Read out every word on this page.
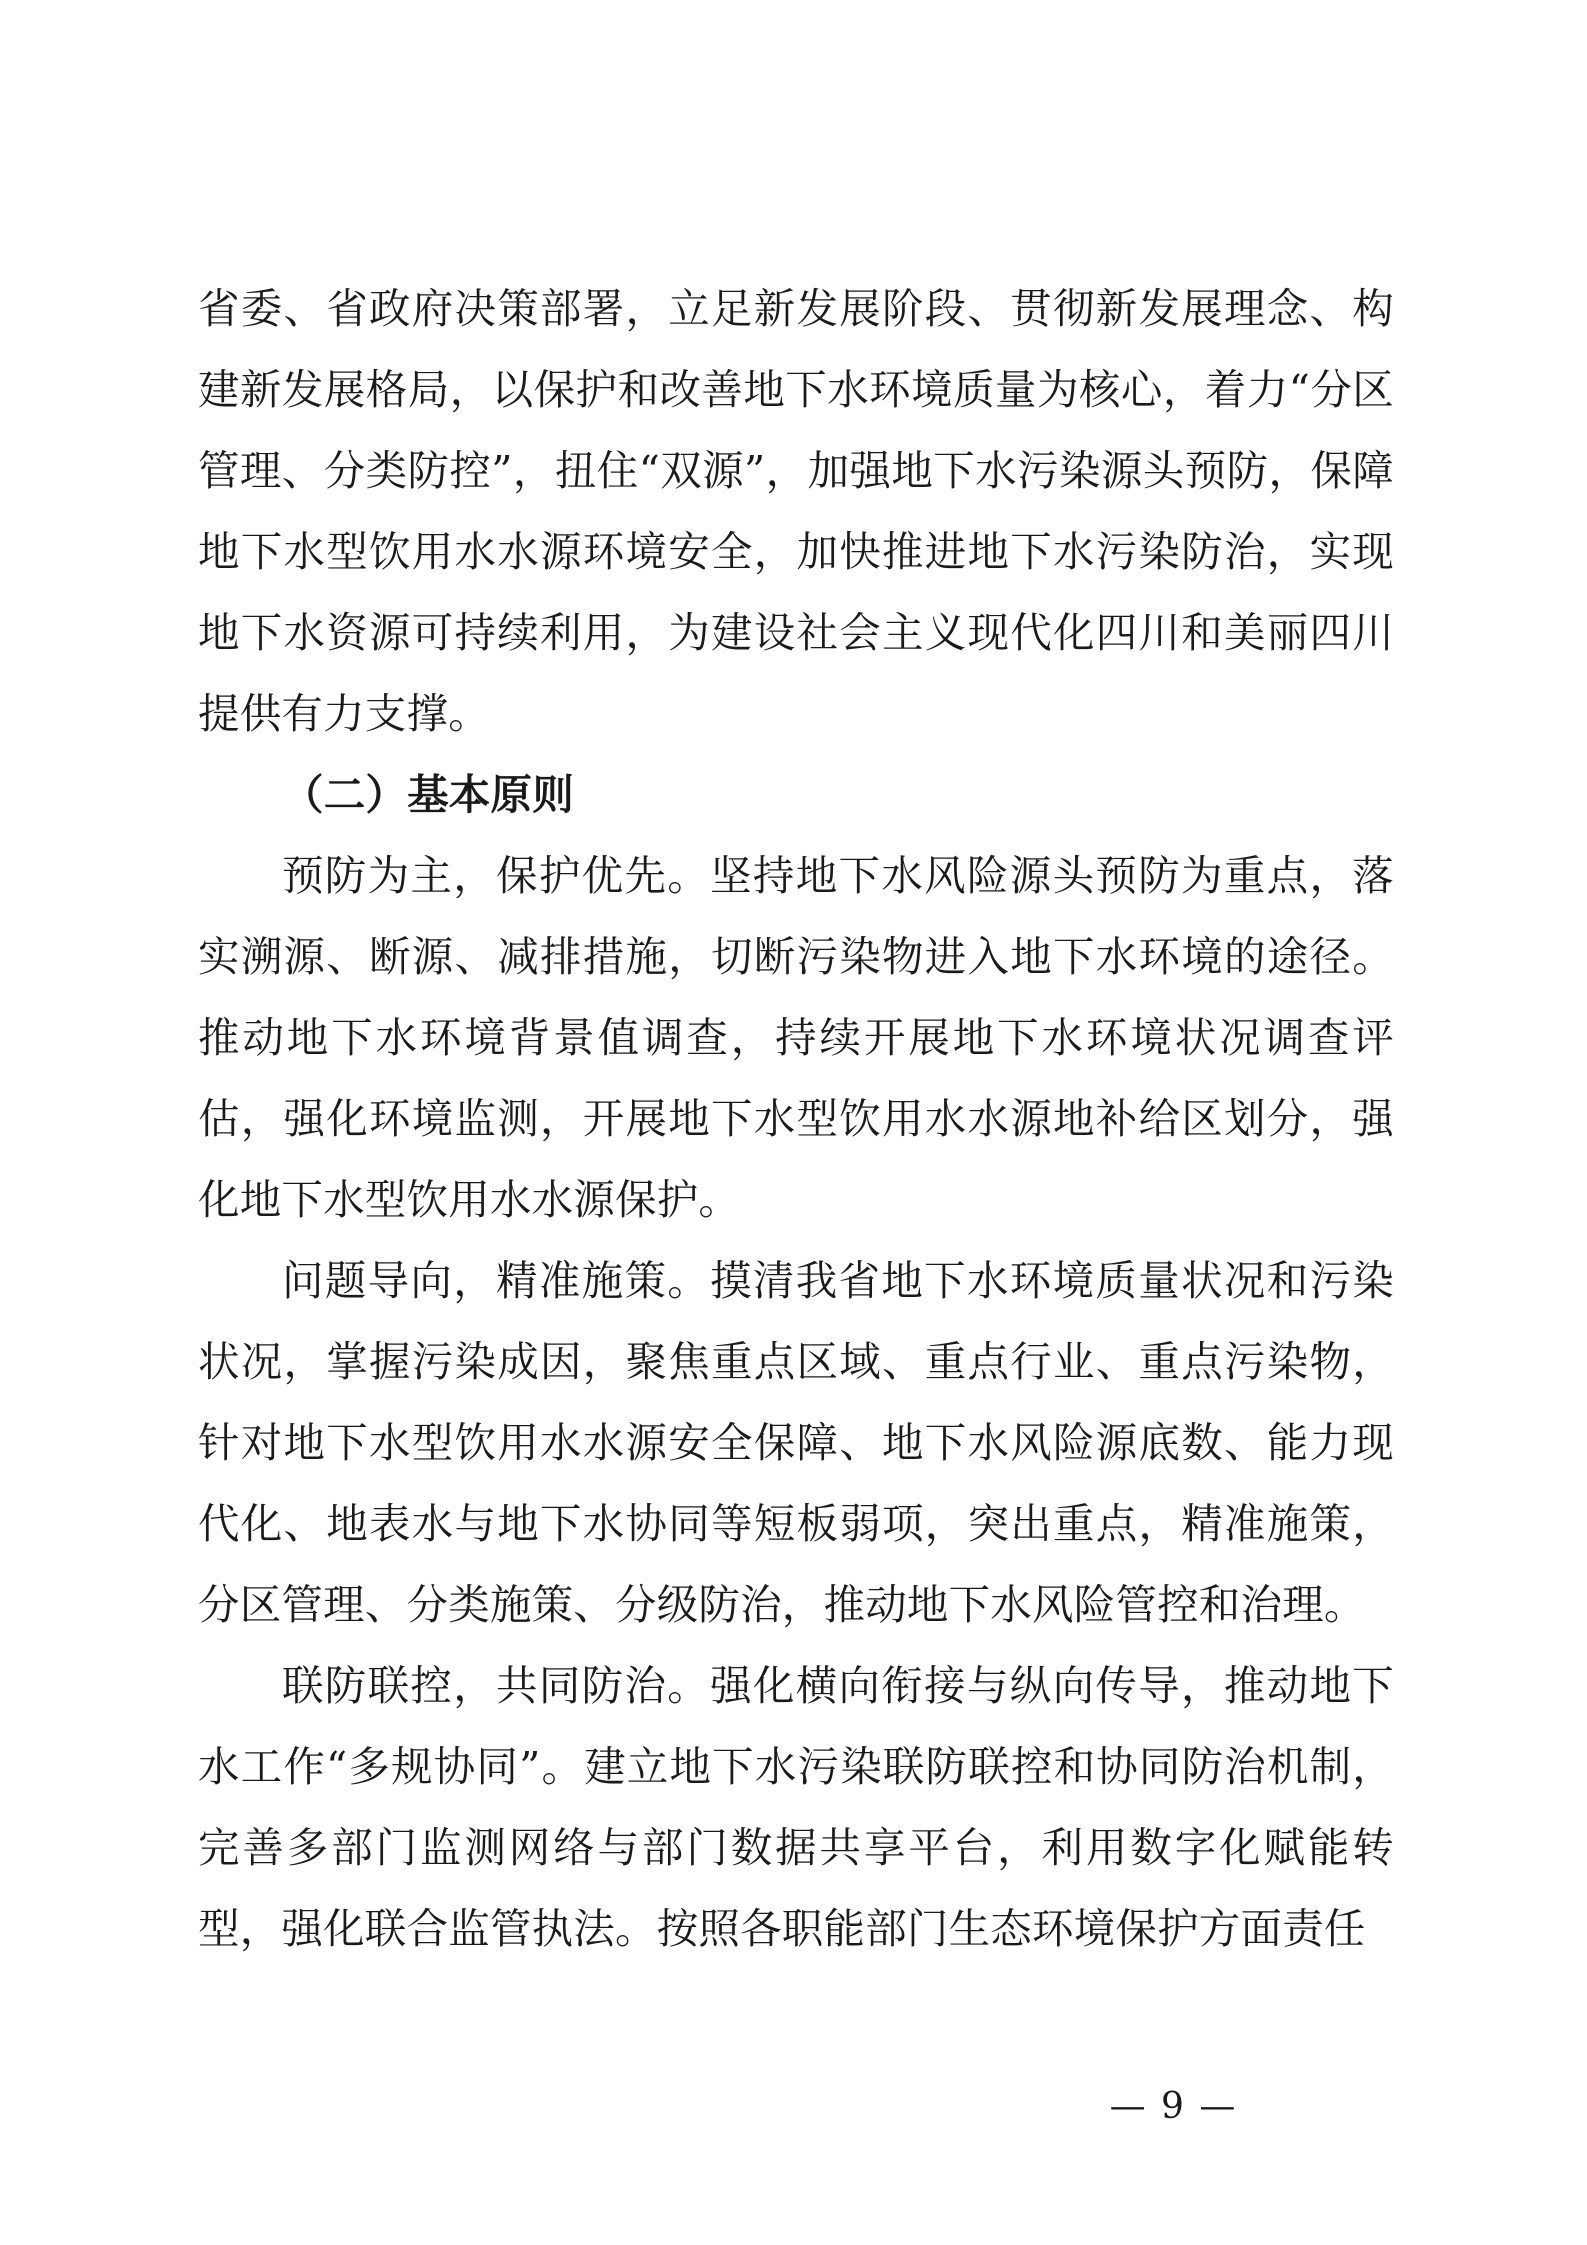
省委、省政府决策部署，立足新发展阶段、贯彻新发展理念、构建新发展格局，以保护和改善地下水环境质量为核心，着力“分区管理、分类防控”，扭住“双源”，加强地下水污染源头预防，保障地下水型饮用水水源环境安全，加快推进地下水污染防治，实现地下水资源可持续利用，为建设社会主义现代化四川和美丽四川提供有力支撑。

（二）基本原则

预防为主，保护优先。坚持地下水风险源头预防为重点，落实溯源、断源、减排措施，切断污染物进入地下水环境的途径。推动地下水环境背景值调查，持续开展地下水环境状况调查评估，强化环境监测，开展地下水型饮用水水源地补给区划分，强化地下水型饮用水水源保护。

问题导向，精准施策。摸清我省地下水环境质量状况和污染状况，掌握污染成因，聚焦重点区域、重点行业、重点污染物，针对地下水型饮用水水源安全保障、地下水风险源底数、能力现代化、地表水与地下水协同等短板弱项，突出重点，精准施策，分区管理、分类施策、分级防治，推动地下水风险管控和治理。

联防联控，共同防治。强化横向衔接与纵向传导，推动地下水工作“多规协同”。建立地下水污染联防联控和协同防治机制，完善多部门监测网络与部门数据共享平台，利用数字化赋能转型，强化联合监管执法。按照各职能部门生态环境保护方面责任

— 9 —
